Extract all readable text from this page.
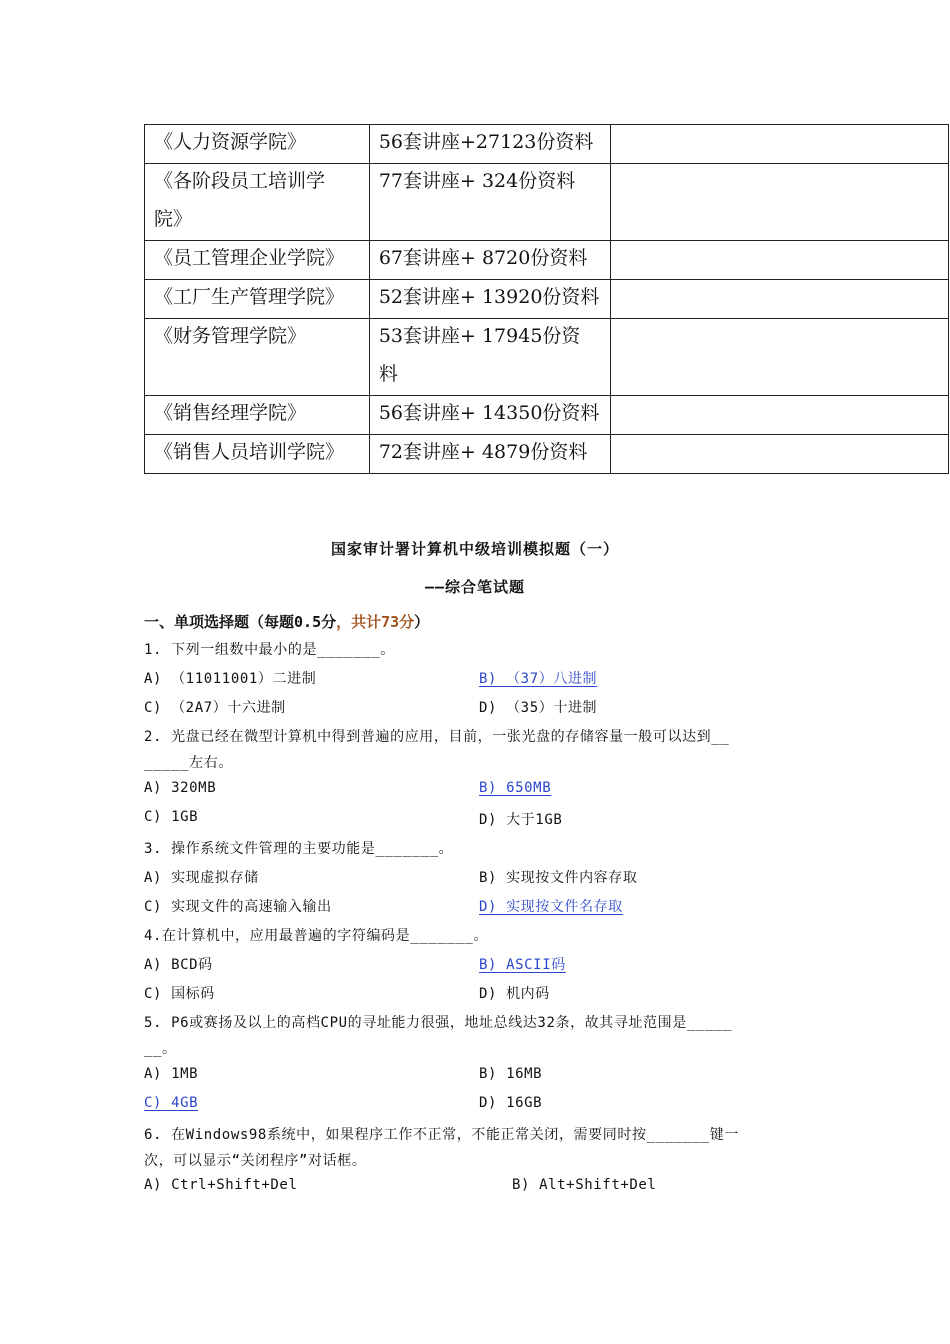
《人力资源学院》	56套讲座+27123份资料	

《各阶段员工培训学
院》	77套讲座+ 324份资料	

《员工管理企业学院》	67套讲座+ 8720份资料	

《工厂生产管理学院》	52套讲座+ 13920份资料	

《财务管理学院》	53套讲座+ 17945份资
料	

《销售经理学院》	56套讲座+ 14350份资料	

《销售人员培训学院》	72套讲座+ 4879份资料	

国家审计署计算机中级培训模拟题（一）
——综合笔试题
一、单项选择题（每题0.5分，共计73分）
1. 下列一组数中最小的是_______。
A) （11011001）二进制	B) （37）八进制
C) （2A7）十六进制	D) （35）十进制
2. 光盘已经在微型计算机中得到普遍的应用，目前，一张光盘的存储容量一般可以达到__
_____左右。
A) 320MB	B) 650MB
C) 1GB	D) 大于1GB
3. 操作系统文件管理的主要功能是_______。
A) 实现虚拟存储	B) 实现按文件内容存取
C) 实现文件的高速输入输出	D) 实现按文件名存取
4.在计算机中，应用最普遍的字符编码是_______。
A) BCD码	B) ASCII码
C) 国标码	D) 机内码
5. P6或赛扬及以上的高档CPU的寻址能力很强，地址总线达32条，故其寻址范围是_____
__。
A) 1MB	B) 16MB
C) 4GB	D) 16GB
6. 在Windows98系统中，如果程序工作不正常，不能正常关闭，需要同时按_______键一
次，可以显示“关闭程序”对话框。
A) Ctrl+Shift+Del	B) Alt+Shift+Del
